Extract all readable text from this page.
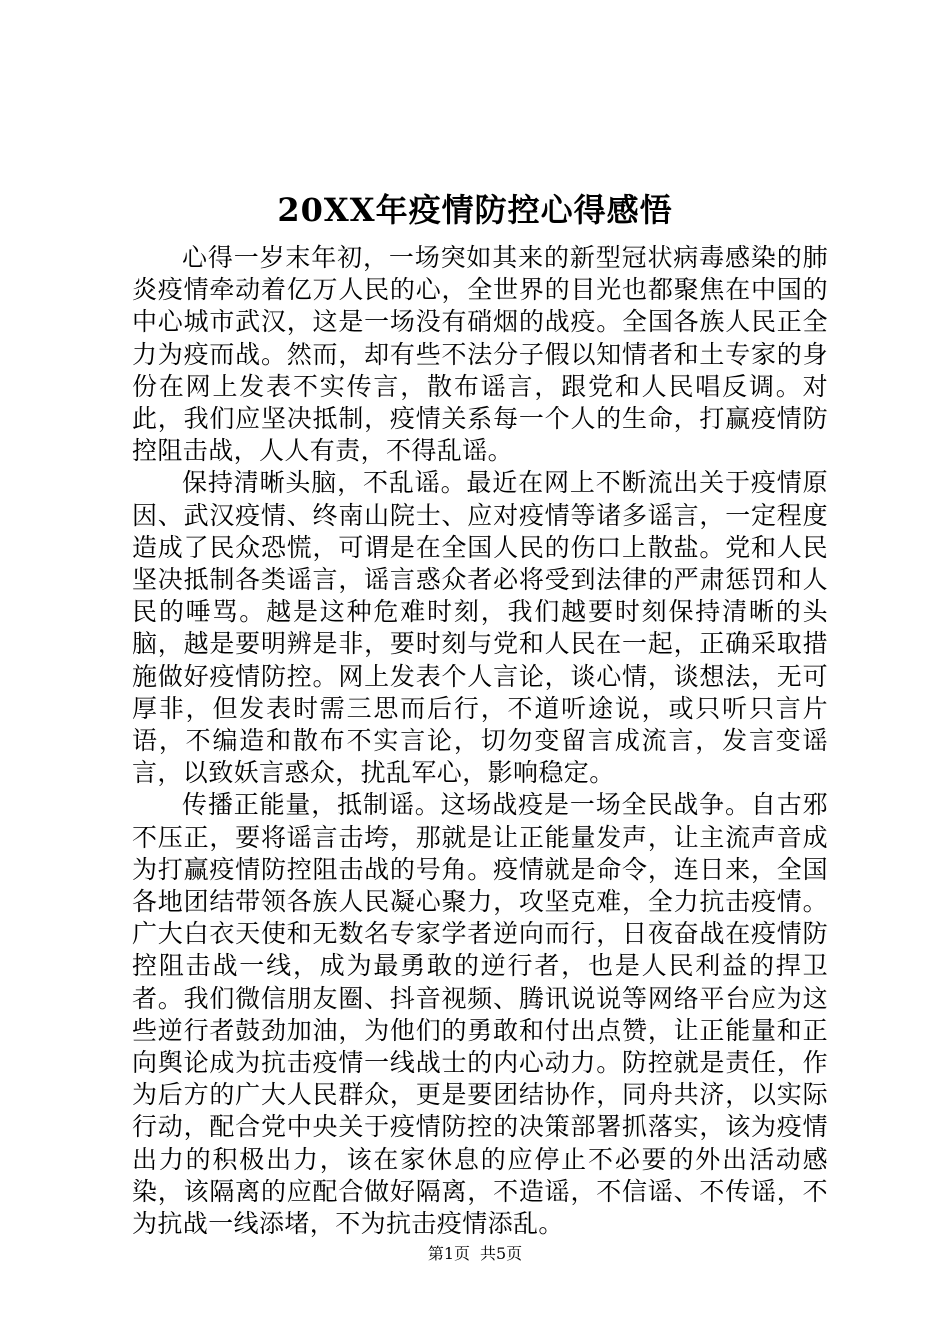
20XX年疫情防控心得感悟

心得一岁末年初，一场突如其来的新型冠状病毒感染的肺炎疫情牵动着亿万人民的心，全世界的目光也都聚焦在中国的中心城市武汉，这是一场没有硝烟的战疫。全国各族人民正全力为疫而战。然而，却有些不法分子假以知情者和土专家的身份在网上发表不实传言，散布谣言，跟党和人民唱反调。对此，我们应坚决抵制，疫情关系每一个人的生命，打赢疫情防控阻击战，人人有责，不得乱谣。

保持清晰头脑，不乱谣。最近在网上不断流出关于疫情原因、武汉疫情、终南山院士、应对疫情等诸多谣言，一定程度造成了民众恐慌，可谓是在全国人民的伤口上散盐。党和人民坚决抵制各类谣言，谣言惑众者必将受到法律的严肃惩罚和人民的唾骂。越是这种危难时刻，我们越要时刻保持清晰的头脑，越是要明辨是非，要时刻与党和人民在一起，正确采取措施做好疫情防控。网上发表个人言论，谈心情，谈想法，无可厚非，但发表时需三思而后行，不道听途说，或只听只言片语，不编造和散布不实言论，切勿变留言成流言，发言变谣言，以致妖言惑众，扰乱军心，影响稳定。

传播正能量，抵制谣。这场战疫是一场全民战争。自古邪不压正，要将谣言击垮，那就是让正能量发声，让主流声音成为打赢疫情防控阻击战的号角。疫情就是命令，连日来，全国各地团结带领各族人民凝心聚力，攻坚克难，全力抗击疫情。广大白衣天使和无数名专家学者逆向而行，日夜奋战在疫情防控阻击战一线，成为最勇敢的逆行者，也是人民利益的捍卫者。我们微信朋友圈、抖音视频、腾讯说说等网络平台应为这些逆行者鼓劲加油，为他们的勇敢和付出点赞，让正能量和正向舆论成为抗击疫情一线战士的内心动力。防控就是责任，作为后方的广大人民群众，更是要团结协作，同舟共济，以实际行动，配合党中央关于疫情防控的决策部署抓落实，该为疫情出力的积极出力，该在家休息的应停止不必要的外出活动感染，该隔离的应配合做好隔离，不造谣，不信谣、不传谣，不为抗战一线添堵，不为抗击疫情添乱。

第1页 共5页
